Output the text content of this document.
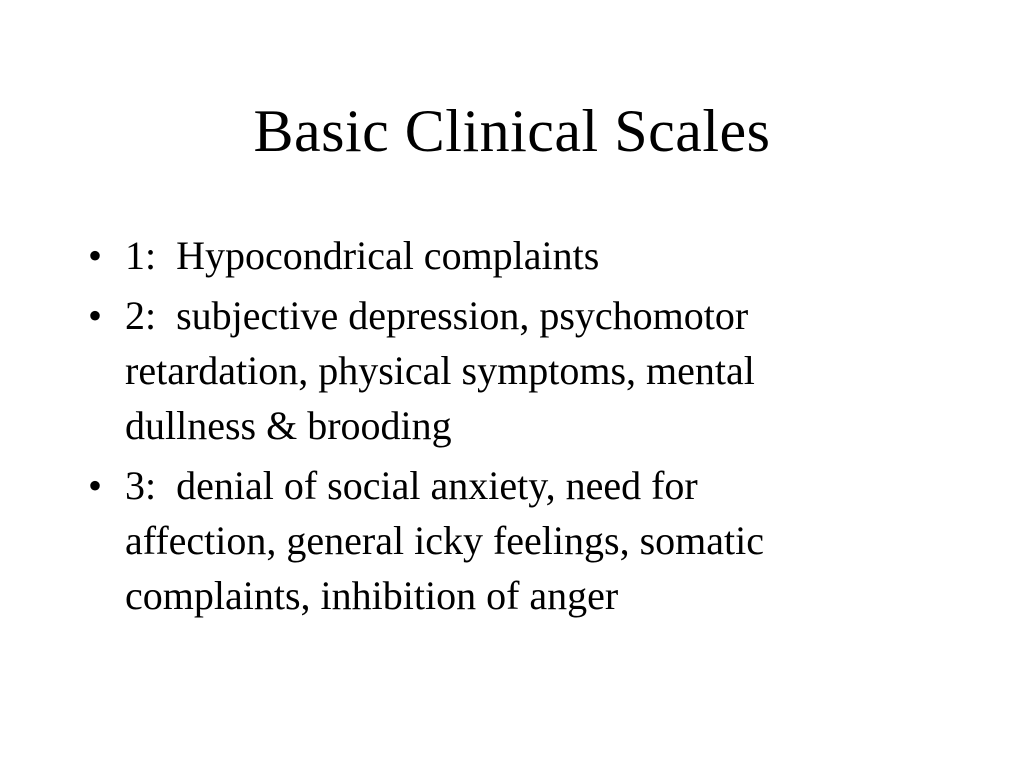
Basic Clinical Scales
• 1:  Hypocondrical complaints
• 2:  subjective depression, psychomotor
retardation, physical symptoms, mental
dullness & brooding
• 3:  denial of social anxiety, need for
affection, general icky feelings, somatic
complaints, inhibition of anger
